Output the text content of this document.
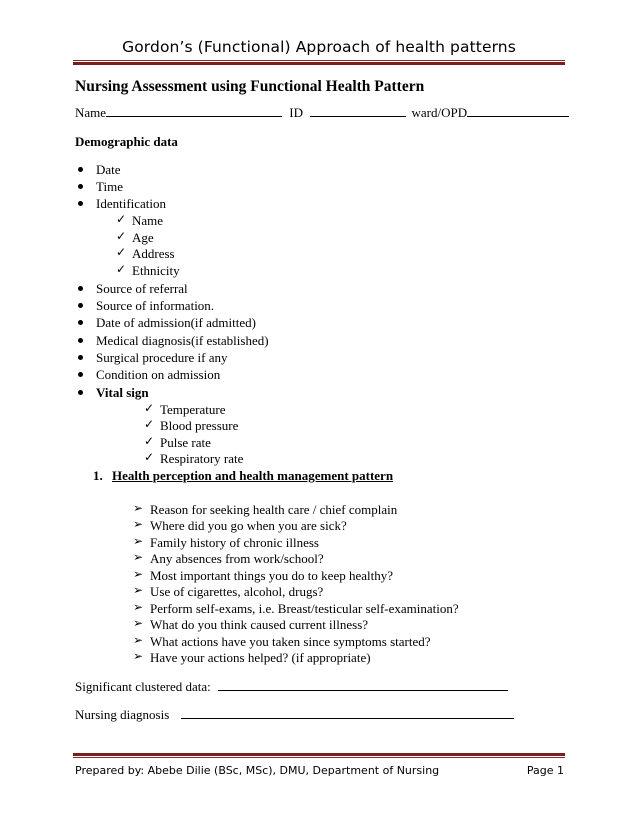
Gordon’s (Functional) Approach of health patterns
Nursing Assessment using Functional Health Pattern
Name	ID	ward/OPD
Demographic data
Date
Time
Identification
✓ Name
✓ Age
✓ Address
✓ Ethnicity
Source of referral
Source of information.
Date of admission(if admitted)
Medical diagnosis(if established)
Surgical procedure if any
Condition on admission
Vital sign
✓ Temperature
✓ Blood pressure
✓ Pulse rate
✓ Respiratory rate
1. Health perception and health management pattern
➢ Reason for seeking health care / chief complain
➢ Where did you go when you are sick?
➢ Family history of chronic illness
➢ Any absences from work/school?
➢ Most important things you do to keep healthy?
➢ Use of cigarettes, alcohol, drugs?
➢ Perform self-exams, i.e. Breast/testicular self-examination?
➢ What do you think caused current illness?
➢ What actions have you taken since symptoms started?
➢ Have your actions helped? (if appropriate)
Significant clustered data:
Nursing diagnosis
Prepared by: Abebe Dilie (BSc, MSc), DMU, Department of Nursing	Page 1
